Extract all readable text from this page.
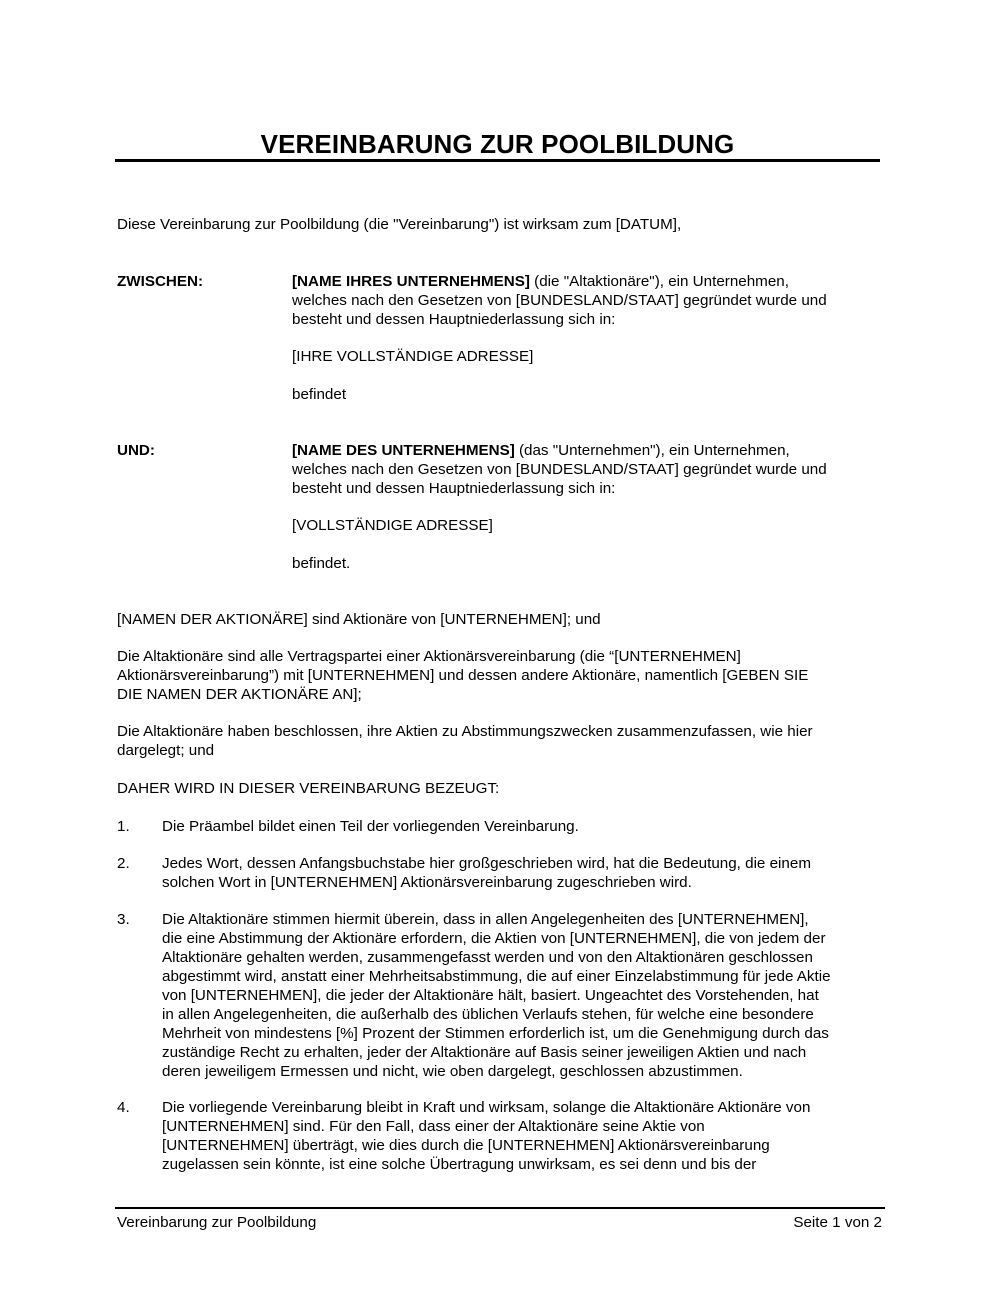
VEREINBARUNG ZUR POOLBILDUNG
Diese Vereinbarung zur Poolbildung (die "Vereinbarung") ist wirksam zum [DATUM],
ZWISCHEN:	[NAME IHRES UNTERNEHMENS] (die "Altaktionäre"), ein Unternehmen,
welches nach den Gesetzen von [BUNDESLAND/STAAT] gegründet wurde und
besteht und dessen Hauptniederlassung sich in:
[IHRE VOLLSTÄNDIGE ADRESSE]
befindet
UND:	[NAME DES UNTERNEHMENS] (das "Unternehmen"), ein Unternehmen,
welches nach den Gesetzen von [BUNDESLAND/STAAT] gegründet wurde und
besteht und dessen Hauptniederlassung sich in:
[VOLLSTÄNDIGE ADRESSE]
befindet.
[NAMEN DER AKTIONÄRE] sind Aktionäre von [UNTERNEHMEN]; und
Die Altaktionäre sind alle Vertragspartei einer Aktionärsvereinbarung (die “[UNTERNEHMEN]
Aktionärsvereinbarung”) mit [UNTERNEHMEN] und dessen andere Aktionäre, namentlich [GEBEN SIE
DIE NAMEN DER AKTIONÄRE AN];
Die Altaktionäre haben beschlossen, ihre Aktien zu Abstimmungszwecken zusammenzufassen, wie hier
dargelegt; und
DAHER WIRD IN DIESER VEREINBARUNG BEZEUGT:
1. Die Präambel bildet einen Teil der vorliegenden Vereinbarung.
2. Jedes Wort, dessen Anfangsbuchstabe hier großgeschrieben wird, hat die Bedeutung, die einem
solchen Wort in [UNTERNEHMEN] Aktionärsvereinbarung zugeschrieben wird.
3. Die Altaktionäre stimmen hiermit überein, dass in allen Angelegenheiten des [UNTERNEHMEN],
die eine Abstimmung der Aktionäre erfordern, die Aktien von [UNTERNEHMEN], die von jedem der
Altaktionäre gehalten werden, zusammengefasst werden und von den Altaktionären geschlossen
abgestimmt wird, anstatt einer Mehrheitsabstimmung, die auf einer Einzelabstimmung für jede Aktie
von [UNTERNEHMEN], die jeder der Altaktionäre hält, basiert. Ungeachtet des Vorstehenden, hat
in allen Angelegenheiten, die außerhalb des üblichen Verlaufs stehen, für welche eine besondere
Mehrheit von mindestens [%] Prozent der Stimmen erforderlich ist, um die Genehmigung durch das
zuständige Recht zu erhalten, jeder der Altaktionäre auf Basis seiner jeweiligen Aktien und nach
deren jeweiligem Ermessen und nicht, wie oben dargelegt, geschlossen abzustimmen.
4. Die vorliegende Vereinbarung bleibt in Kraft und wirksam, solange die Altaktionäre Aktionäre von
[UNTERNEHMEN] sind. Für den Fall, dass einer der Altaktionäre seine Aktie von
[UNTERNEHMEN] überträgt, wie dies durch die [UNTERNEHMEN] Aktionärsvereinbarung
zugelassen sein könnte, ist eine solche Übertragung unwirksam, es sei denn und bis der
Vereinbarung zur Poolbildung	Seite 1 von 2
